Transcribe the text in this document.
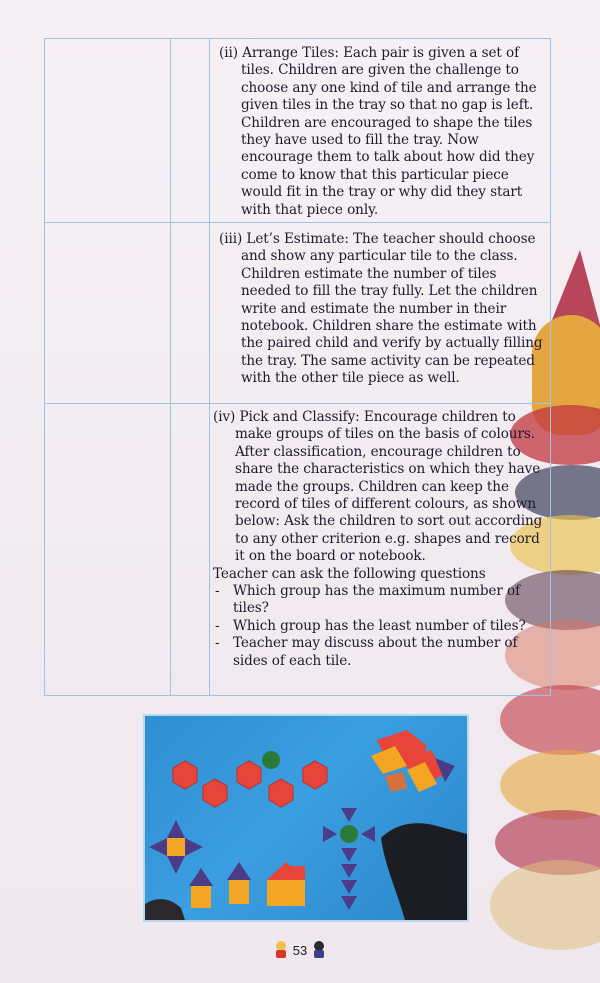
(ii) Arrange Tiles: Each pair is given a set of tiles. Children are given the challenge to choose any one kind of tile and arrange the given tiles in the tray so that no gap is left. Children are encouraged to shape the tiles they have used to fill the tray. Now encourage them to talk about how did they come to know that this particular piece would fit in the tray or why did they start with that piece only.

(iii) Let’s Estimate: The teacher should choose and show any particular tile to the class. Children estimate the number of tiles needed to fill the tray fully. Let the children write and estimate the number in their notebook. Children share the estimate with the paired child and verify by actually filling the tray. The same activity can be repeated with the other tile piece as well.

(iv) Pick and Classify: Encourage children to make groups of tiles on the basis of colours. After classification, encourage children to share the characteristics on which they have made the groups. Children can keep the record of tiles of different colours, as shown below: Ask the children to sort out according to any other criterion e.g. shapes and record it on the board or notebook.

Teacher can ask the following questions

- Which group has the maximum number of tiles?
- Which group has the least number of tiles?
- Teacher may discuss about the number of sides of each tile.
53
